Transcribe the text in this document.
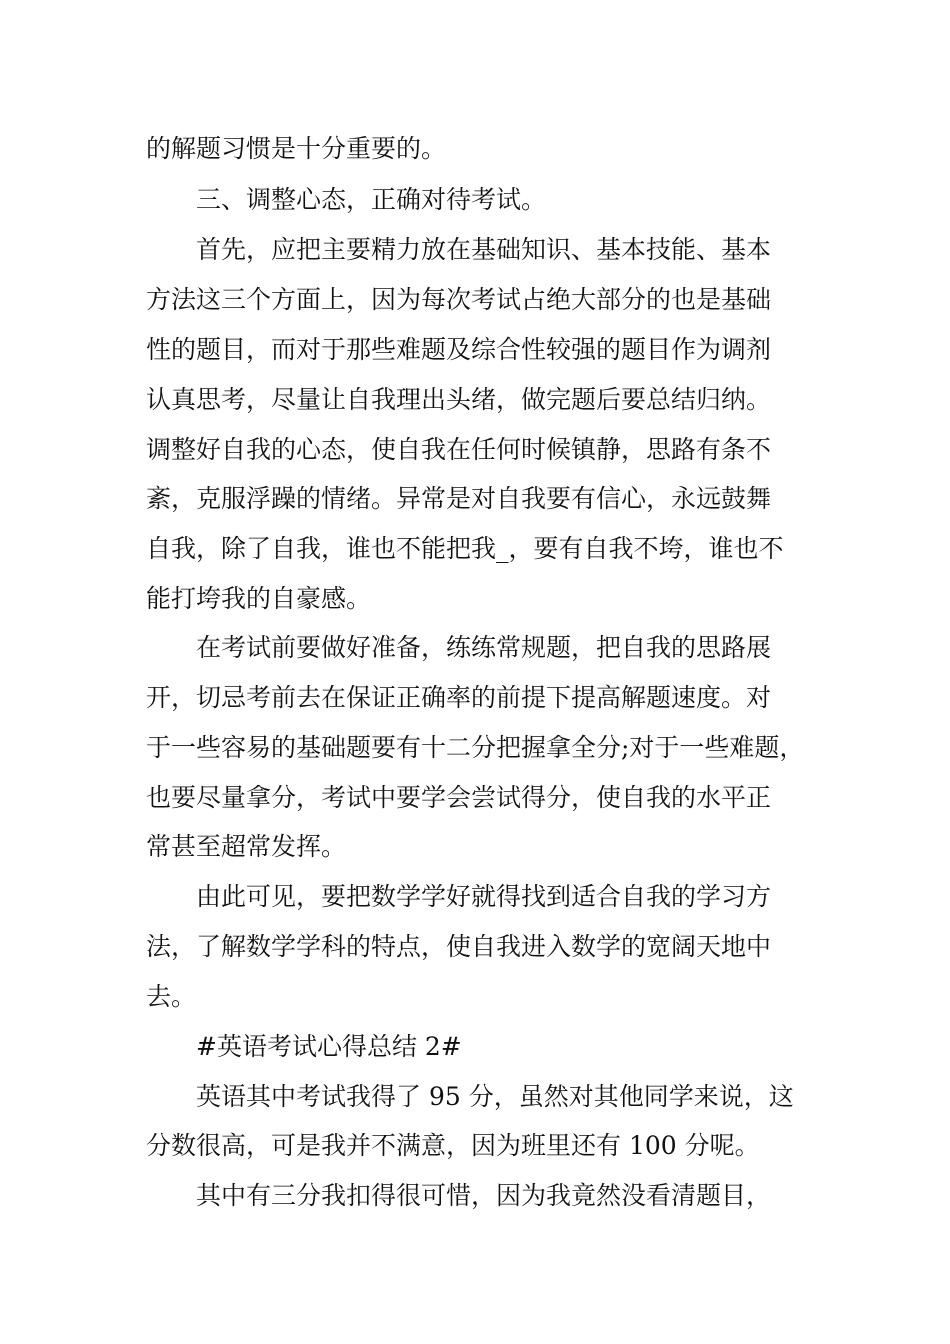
的解题习惯是十分重要的。
三、调整心态，正确对待考试。
首先，应把主要精力放在基础知识、基本技能、基本
方法这三个方面上，因为每次考试占绝大部分的也是基础
性的题目，而对于那些难题及综合性较强的题目作为调剂
认真思考，尽量让自我理出头绪，做完题后要总结归纳。
调整好自我的心态，使自我在任何时候镇静，思路有条不
紊，克服浮躁的情绪。异常是对自我要有信心，永远鼓舞
自我，除了自我，谁也不能把我_，要有自我不垮，谁也不
能打垮我的自豪感。
在考试前要做好准备，练练常规题，把自我的思路展
开，切忌考前去在保证正确率的前提下提高解题速度。对
于一些容易的基础题要有十二分把握拿全分;对于一些难题，
也要尽量拿分，考试中要学会尝试得分，使自我的水平正
常甚至超常发挥。
由此可见，要把数学学好就得找到适合自我的学习方
法，了解数学学科的特点，使自我进入数学的宽阔天地中
去。
#英语考试心得总结 2#
英语其中考试我得了 95 分，虽然对其他同学来说，这
分数很高，可是我并不满意，因为班里还有 100 分呢。
其中有三分我扣得很可惜，因为我竟然没看清题目，
